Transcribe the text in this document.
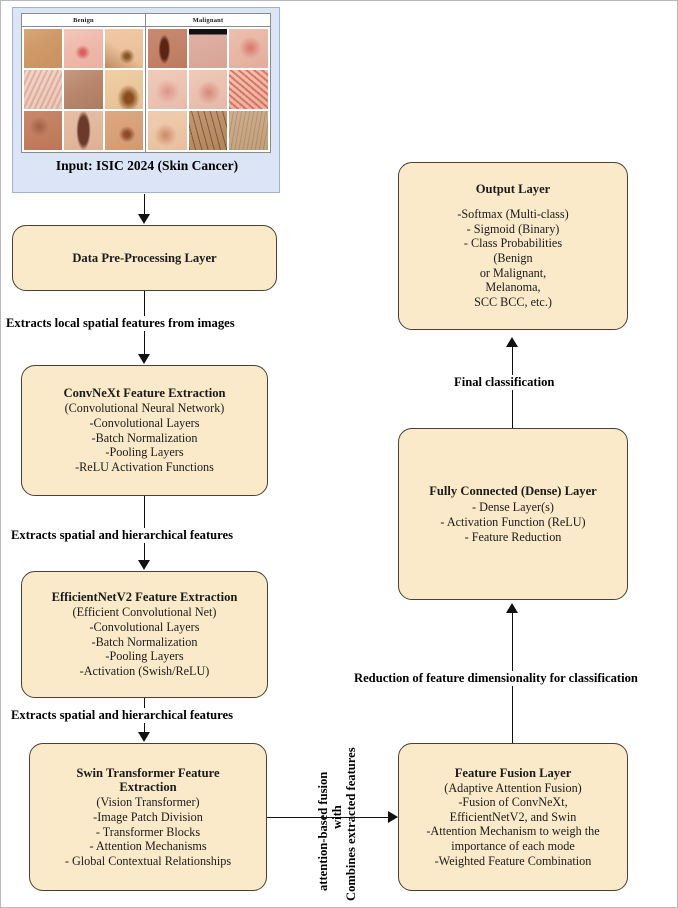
Benign	Malignant
Input: ISIC 2024 (Skin Cancer)
Data Pre-Processing Layer
ConvNeXt Feature Extraction
(Convolutional Neural Network)
-Convolutional Layers
-Batch Normalization
-Pooling Layers
-ReLU Activation Functions
EfficientNetV2 Feature Extraction
(Efficient Convolutional Net)
-Convolutional Layers
-Batch Normalization
-Pooling Layers
-Activation (Swish/ReLU)
Swin Transformer Feature Extraction
(Vision Transformer)
-Image Patch Division
- Transformer Blocks
- Attention Mechanisms
- Global Contextual Relationships
Feature Fusion Layer
(Adaptive Attention Fusion)
-Fusion of ConvNeXt,
EfficientNetV2, and Swin
-Attention Mechanism to weigh the
importance of each mode
-Weighted Feature Combination
Fully Connected (Dense) Layer
- Dense Layer(s)
- Activation Function (ReLU)
- Feature Reduction
Output Layer
-Softmax (Multi-class)
- Sigmoid (Binary)
- Class Probabilities
(Benign
or Malignant,
Melanoma,
SCC BCC, etc.)
Extracts local spatial features from images
Extracts spatial and hierarchical features
Extracts spatial and hierarchical features
Combines extracted features
with
attention-based fusion
Reduction of feature dimensionality for classification
Final classification
